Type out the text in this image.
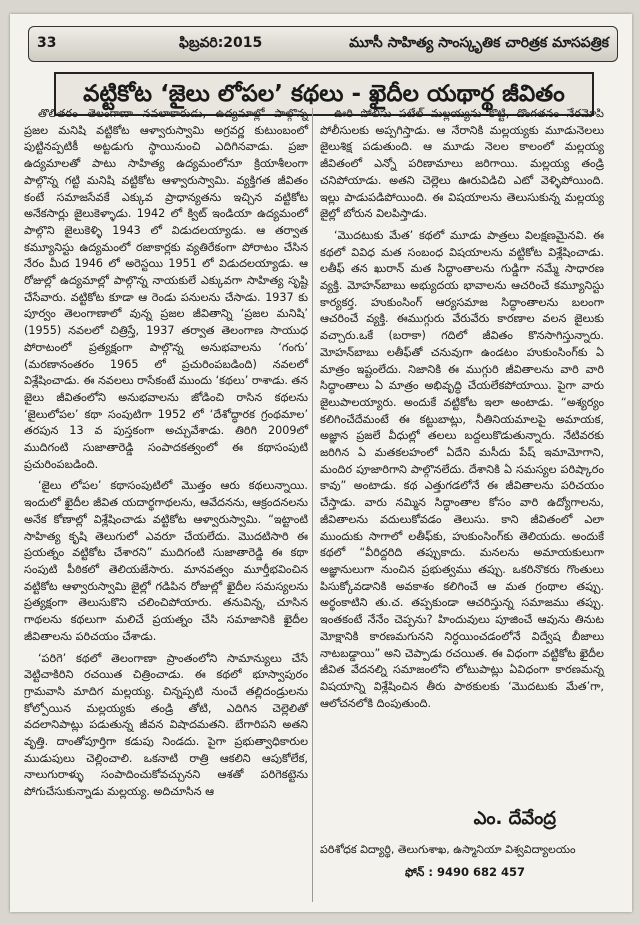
33	ఫిబ్రవరి:2015	మూసీ సాహిత్య సాంస్కృతిక చారిత్రక మాసపత్రిక
వట్టికోట ‘జైలు లోపల’ కథలు - ఖైదీల యథార్థ జీవితం

తొలితరం తెలంగాణా నవలాకారుడు, ఉద్యమాల్లో పాల్గొన్న ప్రజల మనిషి వట్టికోట ఆళ్వారుస్వామి అగ్రవర్ణ కుటుంబంలో పుట్టినప్పటికీ అట్టడుగు స్థాయినుంచి ఎదిగినవాడు. ప్రజా ఉద్యమాలతో పాటు సాహిత్య ఉద్యమంలోనూ క్రియాశీలంగా పాల్గొన్న గట్టి మనిషి వట్టికోట ఆళ్వారుస్వామి. వ్యక్తిగత జీవితం కంటే సమాజసేవకే ఎక్కువ ప్రాధాన్యతను ఇచ్చిన వట్టికోట అనేకసార్లు జైలుకెళ్ళాడు. 1942 లో క్విట్ ఇండియా ఉద్యమంలో పాల్గొని జైలుకెళ్ళి 1943 లో విడుదలయ్యాడు. ఆ తర్వాత కమ్యూనిస్టు ఉద్యమంలో రజాకార్లకు వ్యతిరేకంగా పోరాటం చేసిన నేరం మీద 1946 లో అరెస్టయి 1951 లో విడుదలయ్యాడు. ఆ రోజుల్లో ఉద్యమాల్లో పాల్గొన్న నాయకులే ఎక్కువగా సాహిత్య సృష్టి చేసేవారు. వట్టికోట కూడా ఆ రెండు పనులను చేసాడు. 1937 కు పూర్వం తెలంగాణాలో వున్న ప్రజల జీవితాన్ని ‘ప్రజల మనిషి’ (1955) నవలలో చిత్రిస్తే, 1937 తర్వాత తెలంగాణ సాయుధ పోరాటంలో ప్రత్యక్షంగా పాల్గొన్న అనుభవాలను ‘గంగు’ (మరణానంతరం 1965 లో ప్రచురింపబడింది) నవలలో విశ్లేషించాడు. ఈ నవలలు రాసేకంటే ముందు ‘కథలు’ రాశాడు. తన జైలు జీవితంలోని అనుభవాలను జోడించి రాసిన కథలను ‘జైలులోపల’ కథా సంపుటిగా 1952 లో ‘దేశోద్ధారక గ్రంథమాల’ తరపున 13 వ పుస్తకంగా అచ్చువేశాడు. తిరిగి 2009లో ముదిగంటి సుజాతారెడ్డి సంపాదకత్వంలో ఈ కథాసంపుటి ప్రచురింపబడింది.

‘జైలు లోపల’ కథాసంపుటిలో మొత్తం ఆరు కథలున్నాయి. ఇందులో ఖైదీల జీవిత యదార్థగాథలను, ఆవేదనను, ఆక్రందనలను అనేక కోణాల్లో విశ్లేషించాడు వట్టికోట ఆళ్వారుస్వామి. “ఇట్టాంటి సాహిత్య కృషి తెలుగులో ఎవరూ చేయలేదు. మొదటిసారి ఈ ప్రయత్నం వట్టికోట చేశారని” ముదిగంటి సుజాతారెడ్డి ఈ కథా సంపుటి పీఠికలో తెలియజేసారు. మానవత్వం మూర్తీభవించిన వట్టికోట ఆళ్వారుస్వామి జైల్లో గడిపిన రోజుల్లో ఖైదీల సమస్యలను ప్రత్యక్షంగా తెలుసుకొని చలించిపోయారు. తనువిన్న, చూసిన గాథలను కథలుగా మలిచే ప్రయత్నం చేసి సమాజానికి ఖైదీల జీవితాలను పరిచయం చేశాడు.

‘పరిగె’ కథలో తెలంగాణా ప్రాంతంలోని సామాన్యులు చేసే వెట్టిచాకిరిని రచయిత చిత్రించాడు. ఈ కథలో భూస్వాపురం గ్రామవాసి మాదిగ మల్లయ్య. చిన్నప్పటి నుంచే తల్లిదండ్రులను కోల్పోయిన మల్లయ్యకు తండ్రి తోటి, ఎదిగిన చెల్లెలితో వదలానిపాట్లు పడుతున్న జీవన విషాదమతని. బేగారిపని అతని వృత్తి. దాంతోపూర్తిగా కడుపు నిండదు. పైగా ప్రభుత్వాధికారుల ముడుపులు చెల్లించాలి. ఒకనాటి రాత్రి ఆకలిని ఆపుకోలేక, నాలుగురాళ్ళు సంపాదించుకోవచ్చునని ఆశతో పరిగెకట్టెను పోగుచేసుకున్నాడు మల్లయ్య. అదిచూసిన ఆ

ఊరి పోలీసు పటేల్ మల్లయ్యను కొట్టి, దొంగతనం నేరమోపి పోలీసులకు అప్పగిస్తాడు. ఆ నేరానికి మల్లయ్యకు మూడునెలలు జైలుశిక్ష పడుతుంది. ఆ మూడు నెలల కాలంలో మల్లయ్య జీవితంలో ఎన్నో పరిణామాలు జరిగాయి. మల్లయ్య తండ్రి చనిపోయాడు. అతని చెల్లెలు ఊరువిడిచి ఎటో వెళ్ళిపోయింది. ఇల్లు పాడుపడిపోయింది. ఈ విషయాలను తెలుసుకున్న మల్లయ్య జైల్లో బోరున విలపిస్తాడు.

‘మొదటుకు మేత’ కథలో మూడు పాత్రలు విలక్షణమైనవి. ఈ కథలో వివిధ మత సంబంధ విషయాలను వట్టికోట విశ్లేషించాడు. లతీఫ్ తన ఖురాన్ మత సిద్ధాంతాలను గుడ్డిగా నమ్మే సాధారణ వ్యక్తి. మోహన్‌బాబు అభ్యుదయ భావాలను ఆచరించే కమ్యూనిస్టు కార్యకర్త. హుకుంసింగ్ ఆర్యసమాజ సిద్ధాంతాలను బలంగా ఆచరించే వ్యక్తి. ఈముగ్గురు వేరువేరు కారణాల వలన జైలుకు వచ్చారు.ఒకే (బరాకా) గదిలో జీవితం కొనసాగిస్తున్నారు. మోహన్‌బాబు లతీఫ్‌తో చనువుగా ఉండటం హుకుంసింగ్‌కు ఏ మాత్రం ఇష్టంలేదు. నిజానికి ఈ ముగ్గురి జీవితాలను వారి వారి సిద్ధాంతాలు ఏ మాత్రం అభివృద్ధి చేయలేకపోయాయి. పైగా వారు జైలుపాలయ్యారు. అందుకే వట్టికోట ఇలా అంటాడు. “అశ్యర్యం కలిగించేదేమంటే ఈ కట్టుబాట్లు, నీతినియమాలపై అమాయక, అజ్ఞాన ప్రజలే వీధుల్లో తలలు బద్దలుకొడుతున్నారు. నేటివరకు జరిగిన ఏ మతకలహంలో ఏదేని మసీదు పేష్ ఇమామోగాని, మందిర పూజారిగాని పాల్గొనలేదు. దేశానికి ఏ సమస్యల పరిష్కారం కావు” అంటాడు. కథ ఎత్తుగడలోనే ఈ జీవితాలను పరిచయం చేస్తాడు. వారు నమ్మిన సిద్ధాంతాల కోసం వారి ఉద్యోగాలను, జీవితాలను వదులుకోవడం తెలుసు. కాని జీవితంలో ఎలా ముందుకు సాగాలో లతీఫ్‌కు, హుకుంసింగ్‌కు తెలియదు. అందుకే కథలో “వీరిద్దరిది తప్పుకాదు. మనలను అమాయకులుగా అజ్ఞానులుగా నుంచిన ప్రభుత్వము తప్పు. ఒకరినొకరు గొంతులు పిసుక్కోవడానికి అవకాశం కలిగించే ఆ మత గ్రంథాల తప్పు. అర్థంకాటిని తు.చ. తప్పకుండా ఆచరిస్తున్న సమాజము తప్పు. ఇంతకంటే నేనేం చెప్పను? హిందువులు పూజించే ఆవును తినుట మోక్షానికి కారణమగునని నిర్ధయించడంలోనే విద్వేష బీజాలు నాటబడ్డాయి” అని చెప్పాడు రచయిత. ఈ విధంగా వట్టికోట ఖైదీల జీవిత వేదనల్ని సమాజంలోని లోటుపాట్లు ఏవిధంగా కారణమన్న విషయాన్ని విశ్లేషించిన తీరు పాఠకులకు ‘మొదటుకు మేత’గా, ఆలోచనలోకి దింపుతుంది.

ఎం. దేవేంద్ర
పరిశోధక విద్యార్థి, తెలుగుశాఖ, ఉస్మానియా విశ్వవిద్యాలయం
ఫోన్ : 9490 682 457
